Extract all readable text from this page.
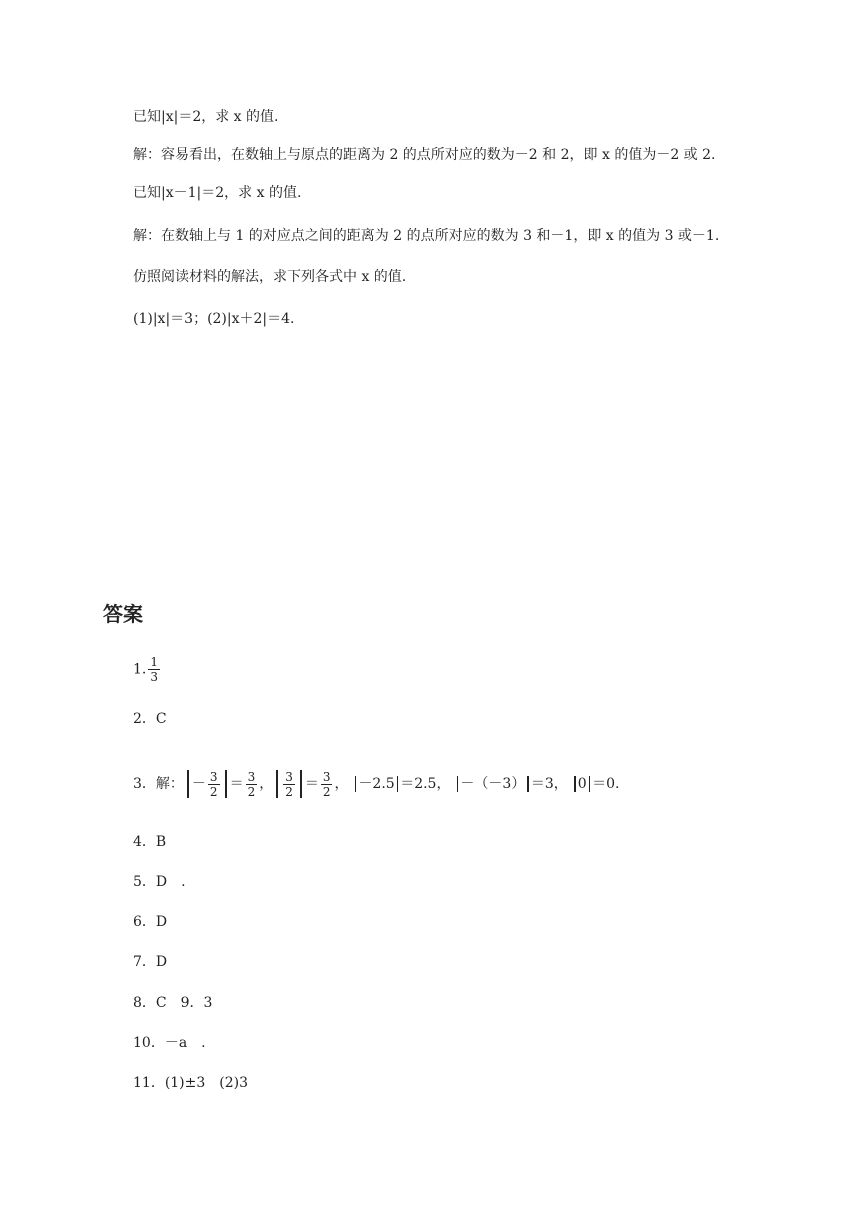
已知|x|＝2，求 x 的值.
解：容易看出，在数轴上与原点的距离为 2 的点所对应的数为－2 和 2，即 x 的值为－2 或 2.
已知|x－1|＝2，求 x 的值.
解：在数轴上与 1 的对应点之间的距离为 2 的点所对应的数为 3 和－1，即 x 的值为 3 或－1.
仿照阅读材料的解法，求下列各式中 x 的值.
(1)|x|＝3；(2)|x＋2|＝4.
答案
1. $\frac{1}{3}$
2．C
3．解： － $\frac{3}{2} = \frac{3}{2}$ ， $\frac{3}{2} = \frac{3}{2}$ ， －2.5 ＝2.5， －（－3） ＝3， 0 ＝0.
4．B
5．D　.
6．D
7．D
8．C　9．3
10．－a　.
11．(1)±3　(2)3
